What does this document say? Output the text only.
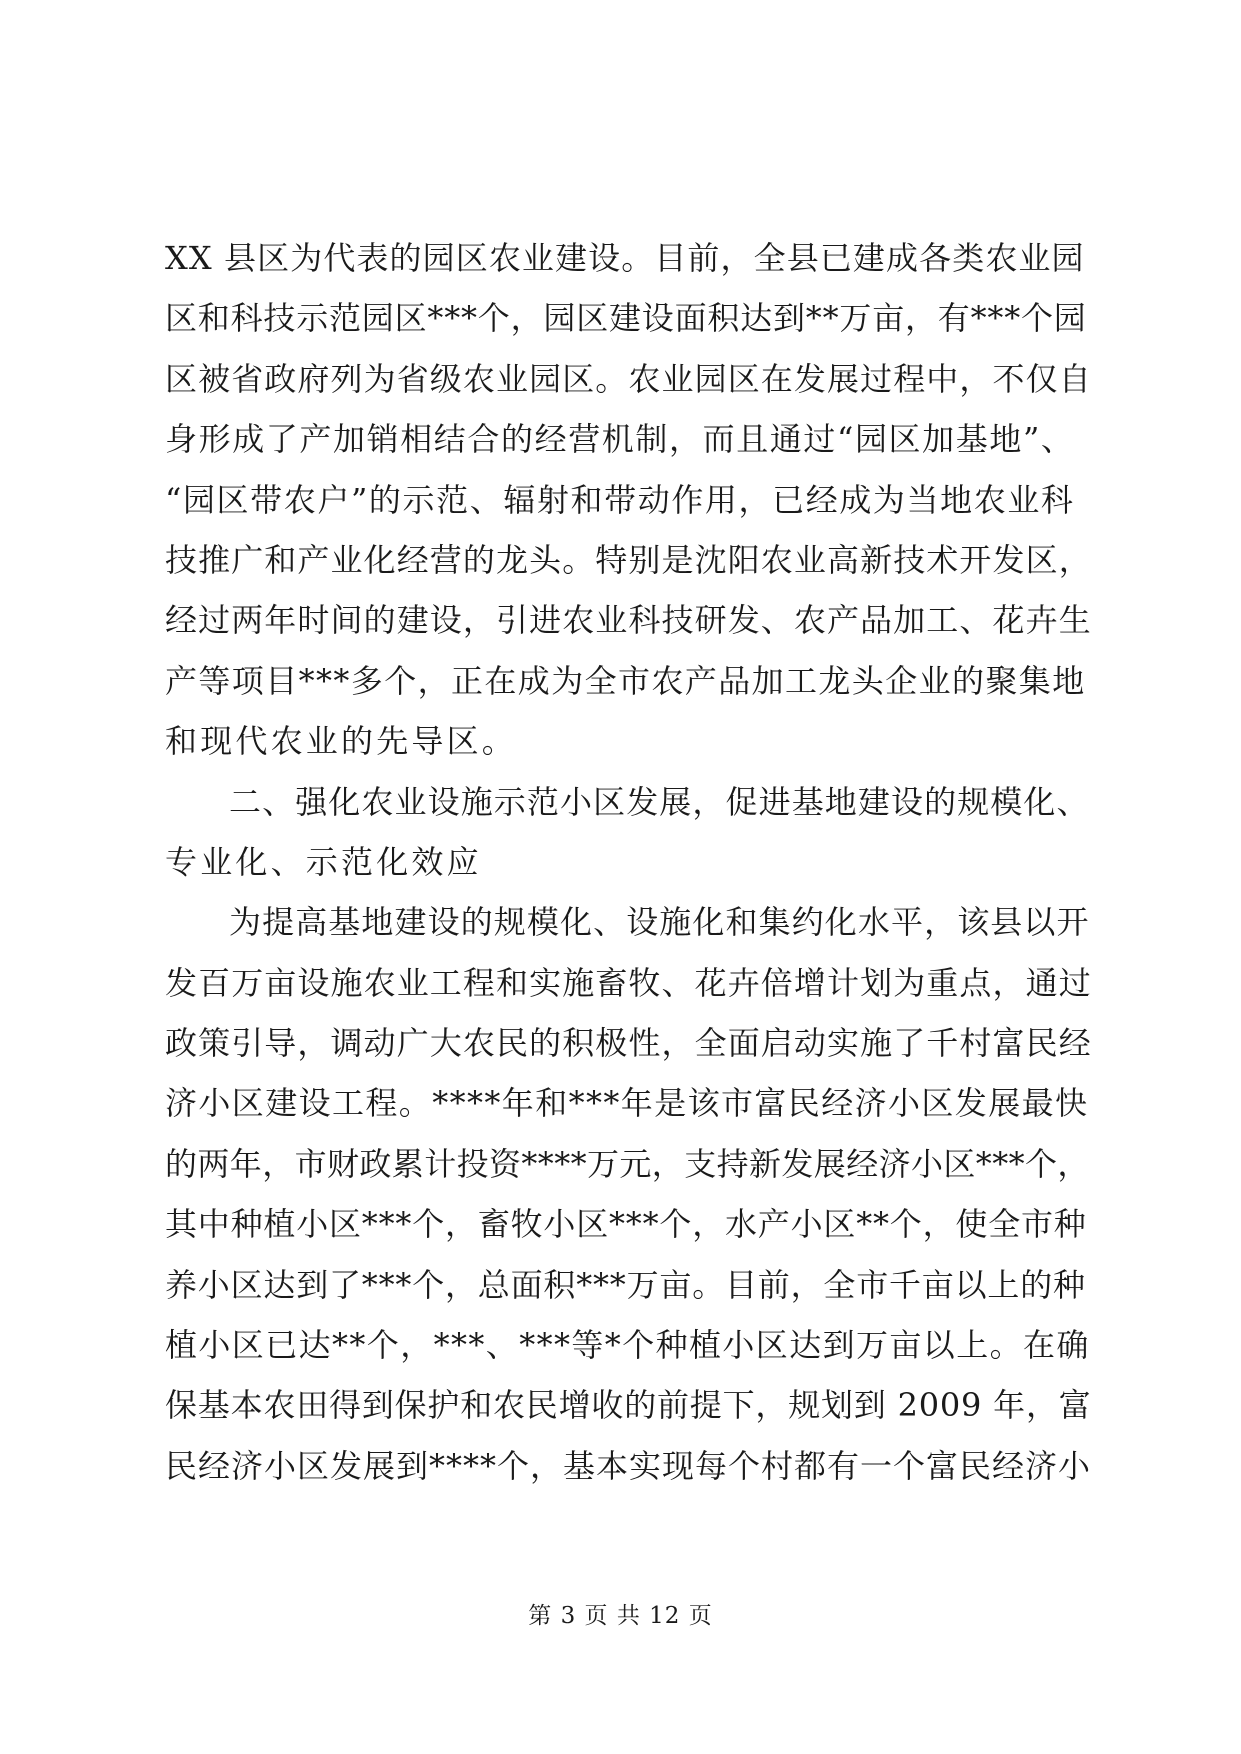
XX 县区为代表的园区农业建设。目前，全县已建成各类农业园
区和科技示范园区***个，园区建设面积达到**万亩，有***个园
区被省政府列为省级农业园区。农业园区在发展过程中，不仅自
身形成了产加销相结合的经营机制，而且通过“园区加基地”、
“园区带农户”的示范、辐射和带动作用，已经成为当地农业科
技推广和产业化经营的龙头。特别是沈阳农业高新技术开发区，
经过两年时间的建设，引进农业科技研发、农产品加工、花卉生
产等项目***多个，正在成为全市农产品加工龙头企业的聚集地
和现代农业的先导区。
二、强化农业设施示范小区发展，促进基地建设的规模化、
专业化、示范化效应
为提高基地建设的规模化、设施化和集约化水平，该县以开
发百万亩设施农业工程和实施畜牧、花卉倍增计划为重点，通过
政策引导，调动广大农民的积极性，全面启动实施了千村富民经
济小区建设工程。****年和***年是该市富民经济小区发展最快
的两年，市财政累计投资****万元，支持新发展经济小区***个，
其中种植小区***个，畜牧小区***个，水产小区**个，使全市种
养小区达到了***个，总面积***万亩。目前，全市千亩以上的种
植小区已达**个，***、***等*个种植小区达到万亩以上。在确
保基本农田得到保护和农民增收的前提下，规划到 2009 年，富
民经济小区发展到****个，基本实现每个村都有一个富民经济小
第 3 页 共 12 页
